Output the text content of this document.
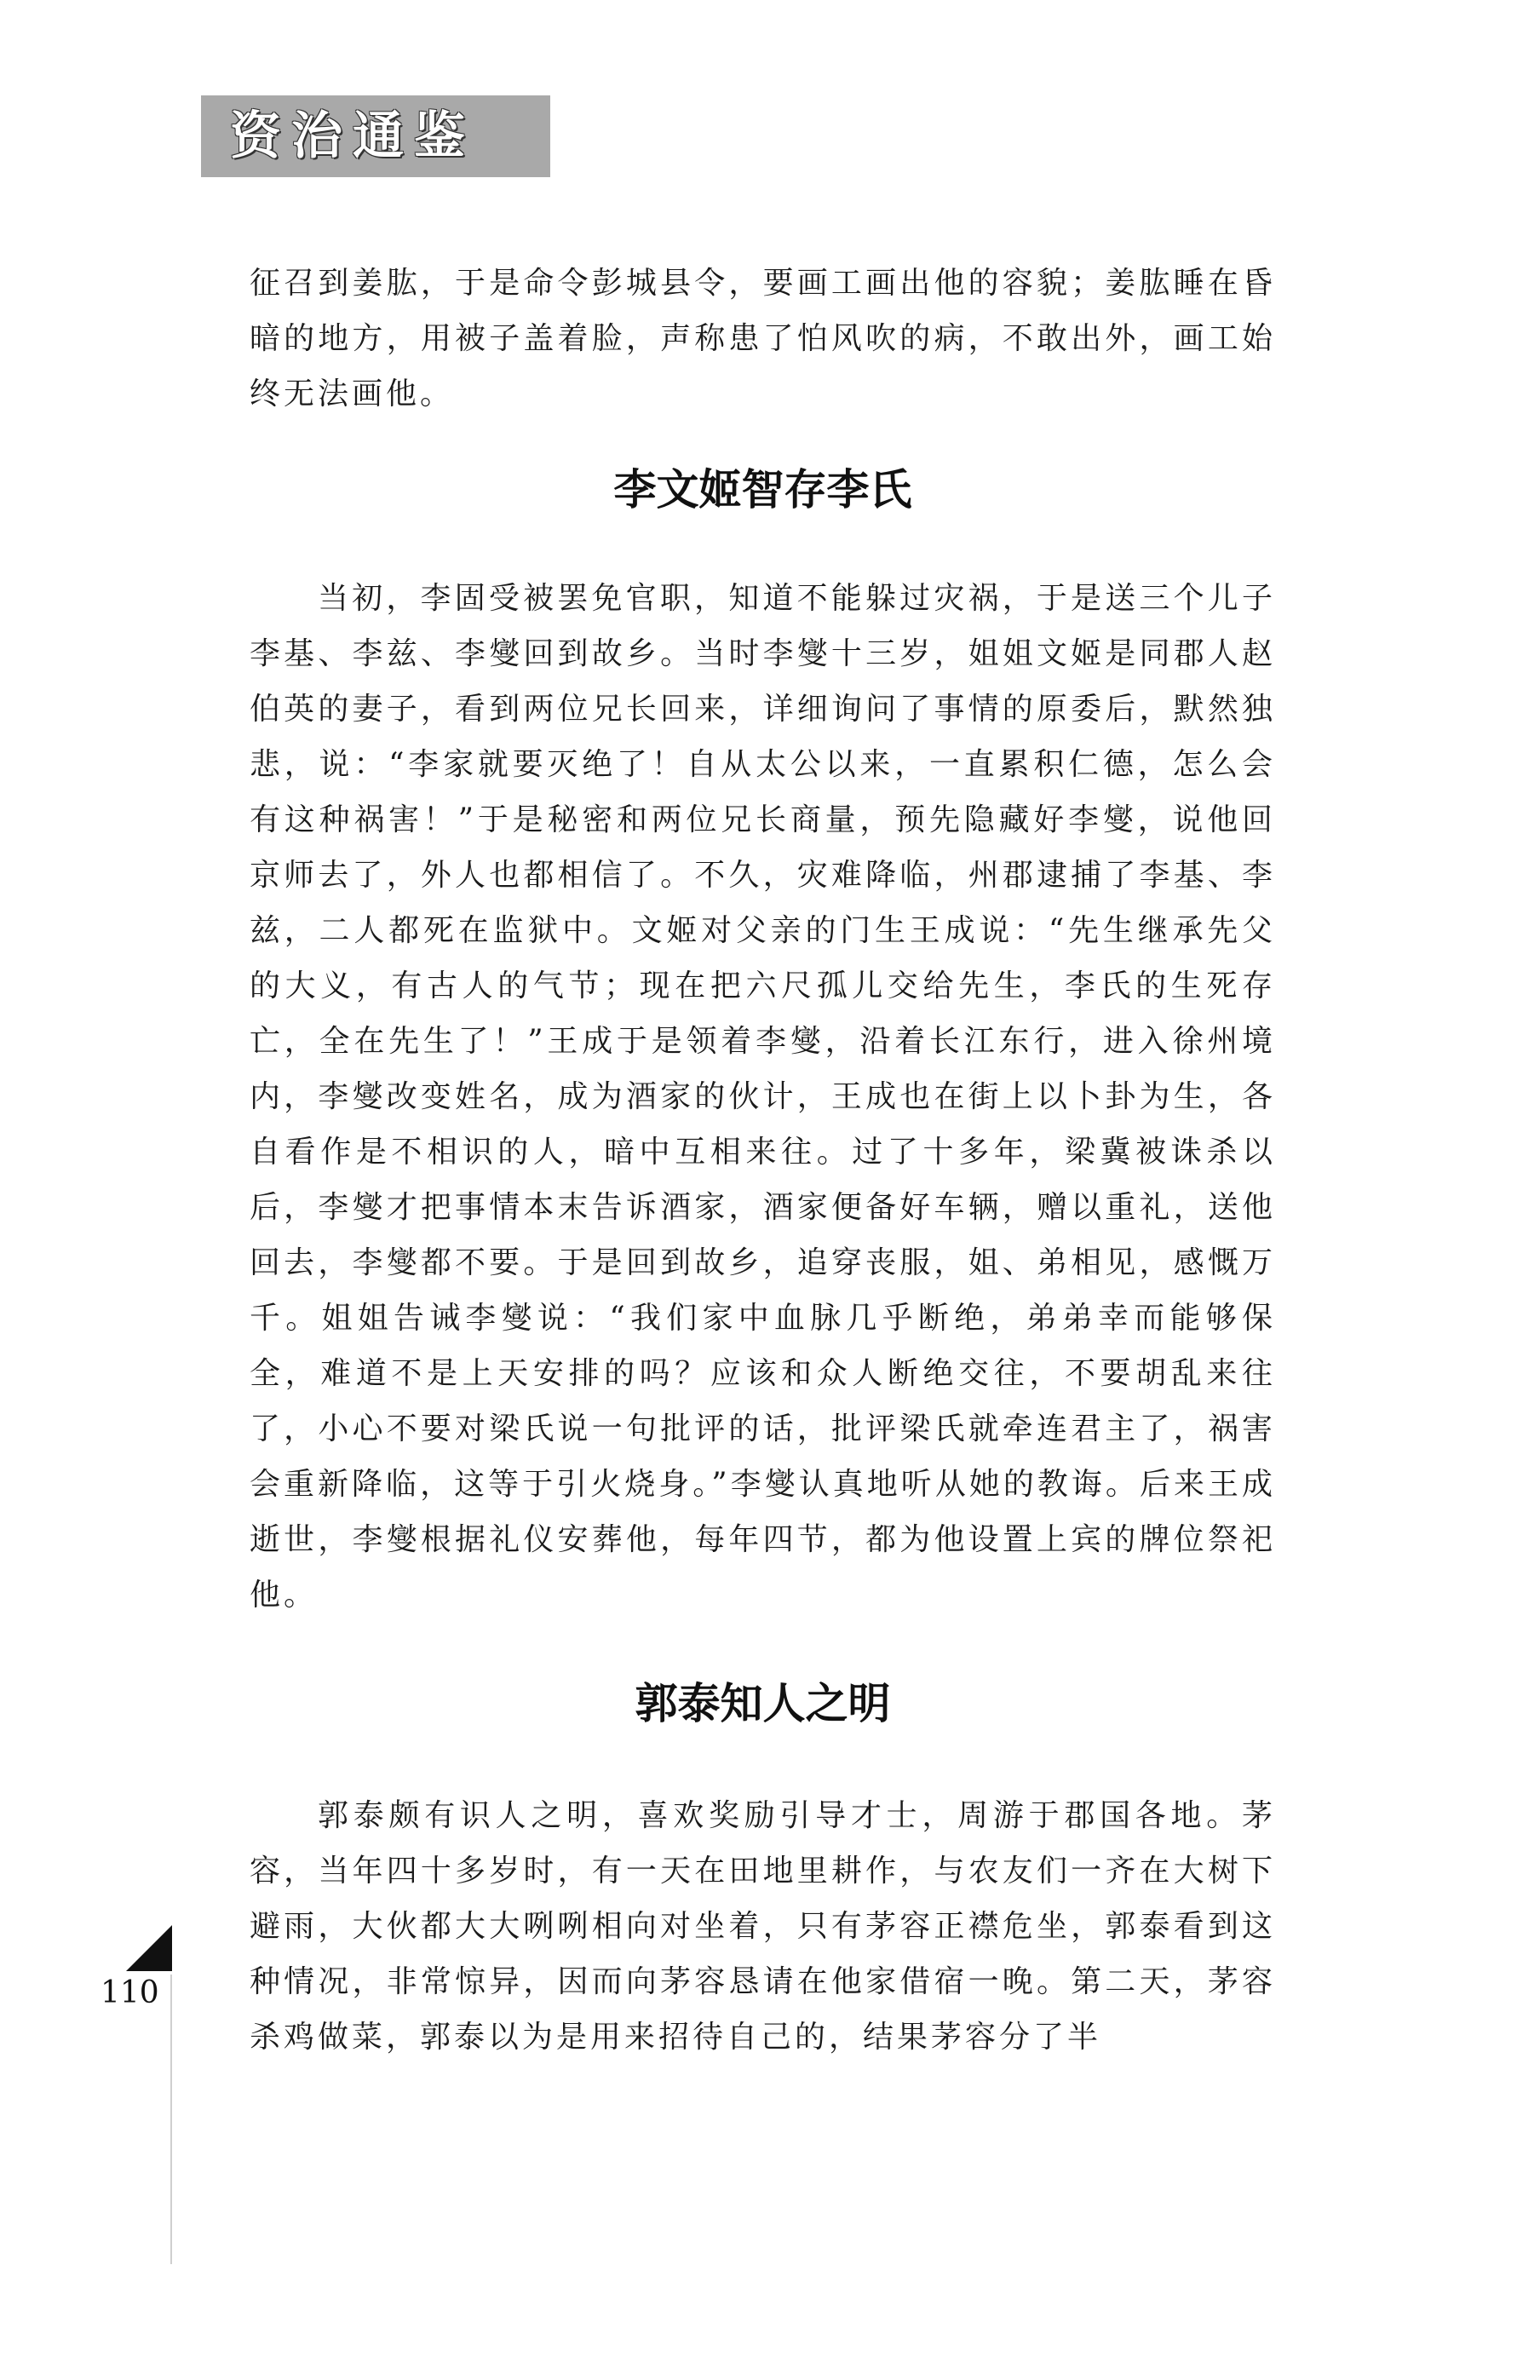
资治通鉴

征召到姜肱，于是命令彭城县令，要画工画出他的容貌；姜肱睡在昏暗的地方，用被子盖着脸，声称患了怕风吹的病，不敢出外，画工始终无法画他。

李文姬智存李氏

当初，李固受被罢免官职，知道不能躲过灾祸，于是送三个儿子李基、李兹、李燮回到故乡。当时李燮十三岁，姐姐文姬是同郡人赵伯英的妻子，看到两位兄长回来，详细询问了事情的原委后，默然独悲，说：“李家就要灭绝了！自从太公以来，一直累积仁德，怎么会有这种祸害！”于是秘密和两位兄长商量，预先隐藏好李燮，说他回京师去了，外人也都相信了。不久，灾难降临，州郡逮捕了李基、李兹，二人都死在监狱中。文姬对父亲的门生王成说：“先生继承先父的大义，有古人的气节；现在把六尺孤儿交给先生，李氏的生死存亡，全在先生了！”王成于是领着李燮，沿着长江东行，进入徐州境内，李燮改变姓名，成为酒家的伙计，王成也在街上以卜卦为生，各自看作是不相识的人，暗中互相来往。过了十多年，梁冀被诛杀以后，李燮才把事情本末告诉酒家，酒家便备好车辆，赠以重礼，送他回去，李燮都不要。于是回到故乡，追穿丧服，姐、弟相见，感慨万千。姐姐告诫李燮说：“我们家中血脉几乎断绝，弟弟幸而能够保全，难道不是上天安排的吗？应该和众人断绝交往，不要胡乱来往了，小心不要对梁氏说一句批评的话，批评梁氏就牵连君主了，祸害会重新降临，这等于引火烧身。”李燮认真地听从她的教诲。后来王成逝世，李燮根据礼仪安葬他，每年四节，都为他设置上宾的牌位祭祀他。

郭泰知人之明

郭泰颇有识人之明，喜欢奖励引导才士，周游于郡国各地。茅容，当年四十多岁时，有一天在田地里耕作，与农友们一齐在大树下避雨，大伙都大大咧咧相向对坐着，只有茅容正襟危坐，郭泰看到这种情况，非常惊异，因而向茅容恳请在他家借宿一晚。第二天，茅容杀鸡做菜，郭泰以为是用来招待自己的，结果茅容分了半

110
